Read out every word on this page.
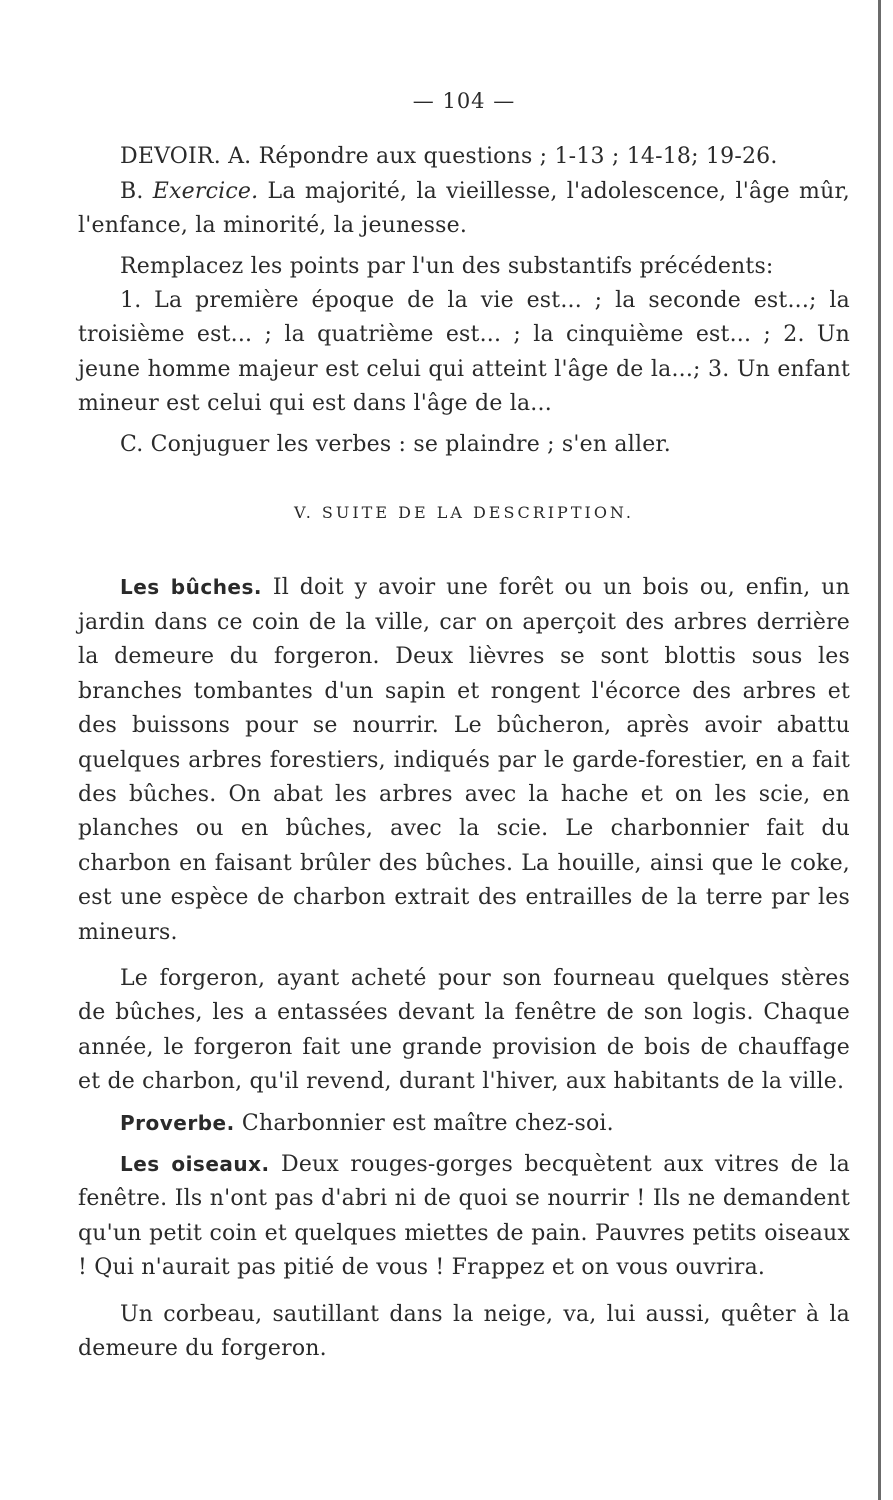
— 104 —

DEVOIR. A. Répondre aux questions ; 1-13 ; 14-18; 19-26.

B. Exercice. La majorité, la vieillesse, l'adolescence, l'âge mûr, l'enfance, la minorité, la jeunesse.

Remplacez les points par l'un des substantifs précédents:

1. La première époque de la vie est... ; la seconde est...; la troisième est... ; la quatrième est... ; la cinquième est... ; 2. Un jeune homme majeur est celui qui atteint l'âge de la...; 3. Un enfant mineur est celui qui est dans l'âge de la...

C. Conjuguer les verbes : se plaindre ; s'en aller.

V. SUITE DE LA DESCRIPTION.

Les bûches. Il doit y avoir une forêt ou un bois ou, enfin, un jardin dans ce coin de la ville, car on aperçoit des arbres derrière la demeure du forgeron. Deux lièvres se sont blottis sous les branches tombantes d'un sapin et rongent l'écorce des arbres et des buissons pour se nourrir. Le bûcheron, après avoir abattu quelques arbres forestiers, indiqués par le garde-forestier, en a fait des bûches. On abat les arbres avec la hache et on les scie, en planches ou en bûches, avec la scie. Le charbonnier fait du charbon en faisant brûler des bûches. La houille, ainsi que le coke, est une espèce de charbon extrait des entrailles de la terre par les mineurs.

Le forgeron, ayant acheté pour son fourneau quelques stères de bûches, les a entassées devant la fenêtre de son logis. Chaque année, le forgeron fait une grande provision de bois de chauffage et de charbon, qu'il revend, durant l'hiver, aux habitants de la ville.

Proverbe. Charbonnier est maître chez-soi.

Les oiseaux. Deux rouges-gorges becquètent aux vitres de la fenêtre. Ils n'ont pas d'abri ni de quoi se nourrir ! Ils ne demandent qu'un petit coin et quelques miettes de pain. Pauvres petits oiseaux ! Qui n'aurait pas pitié de vous ! Frappez et on vous ouvrira.

Un corbeau, sautillant dans la neige, va, lui aussi, quêter à la demeure du forgeron.
